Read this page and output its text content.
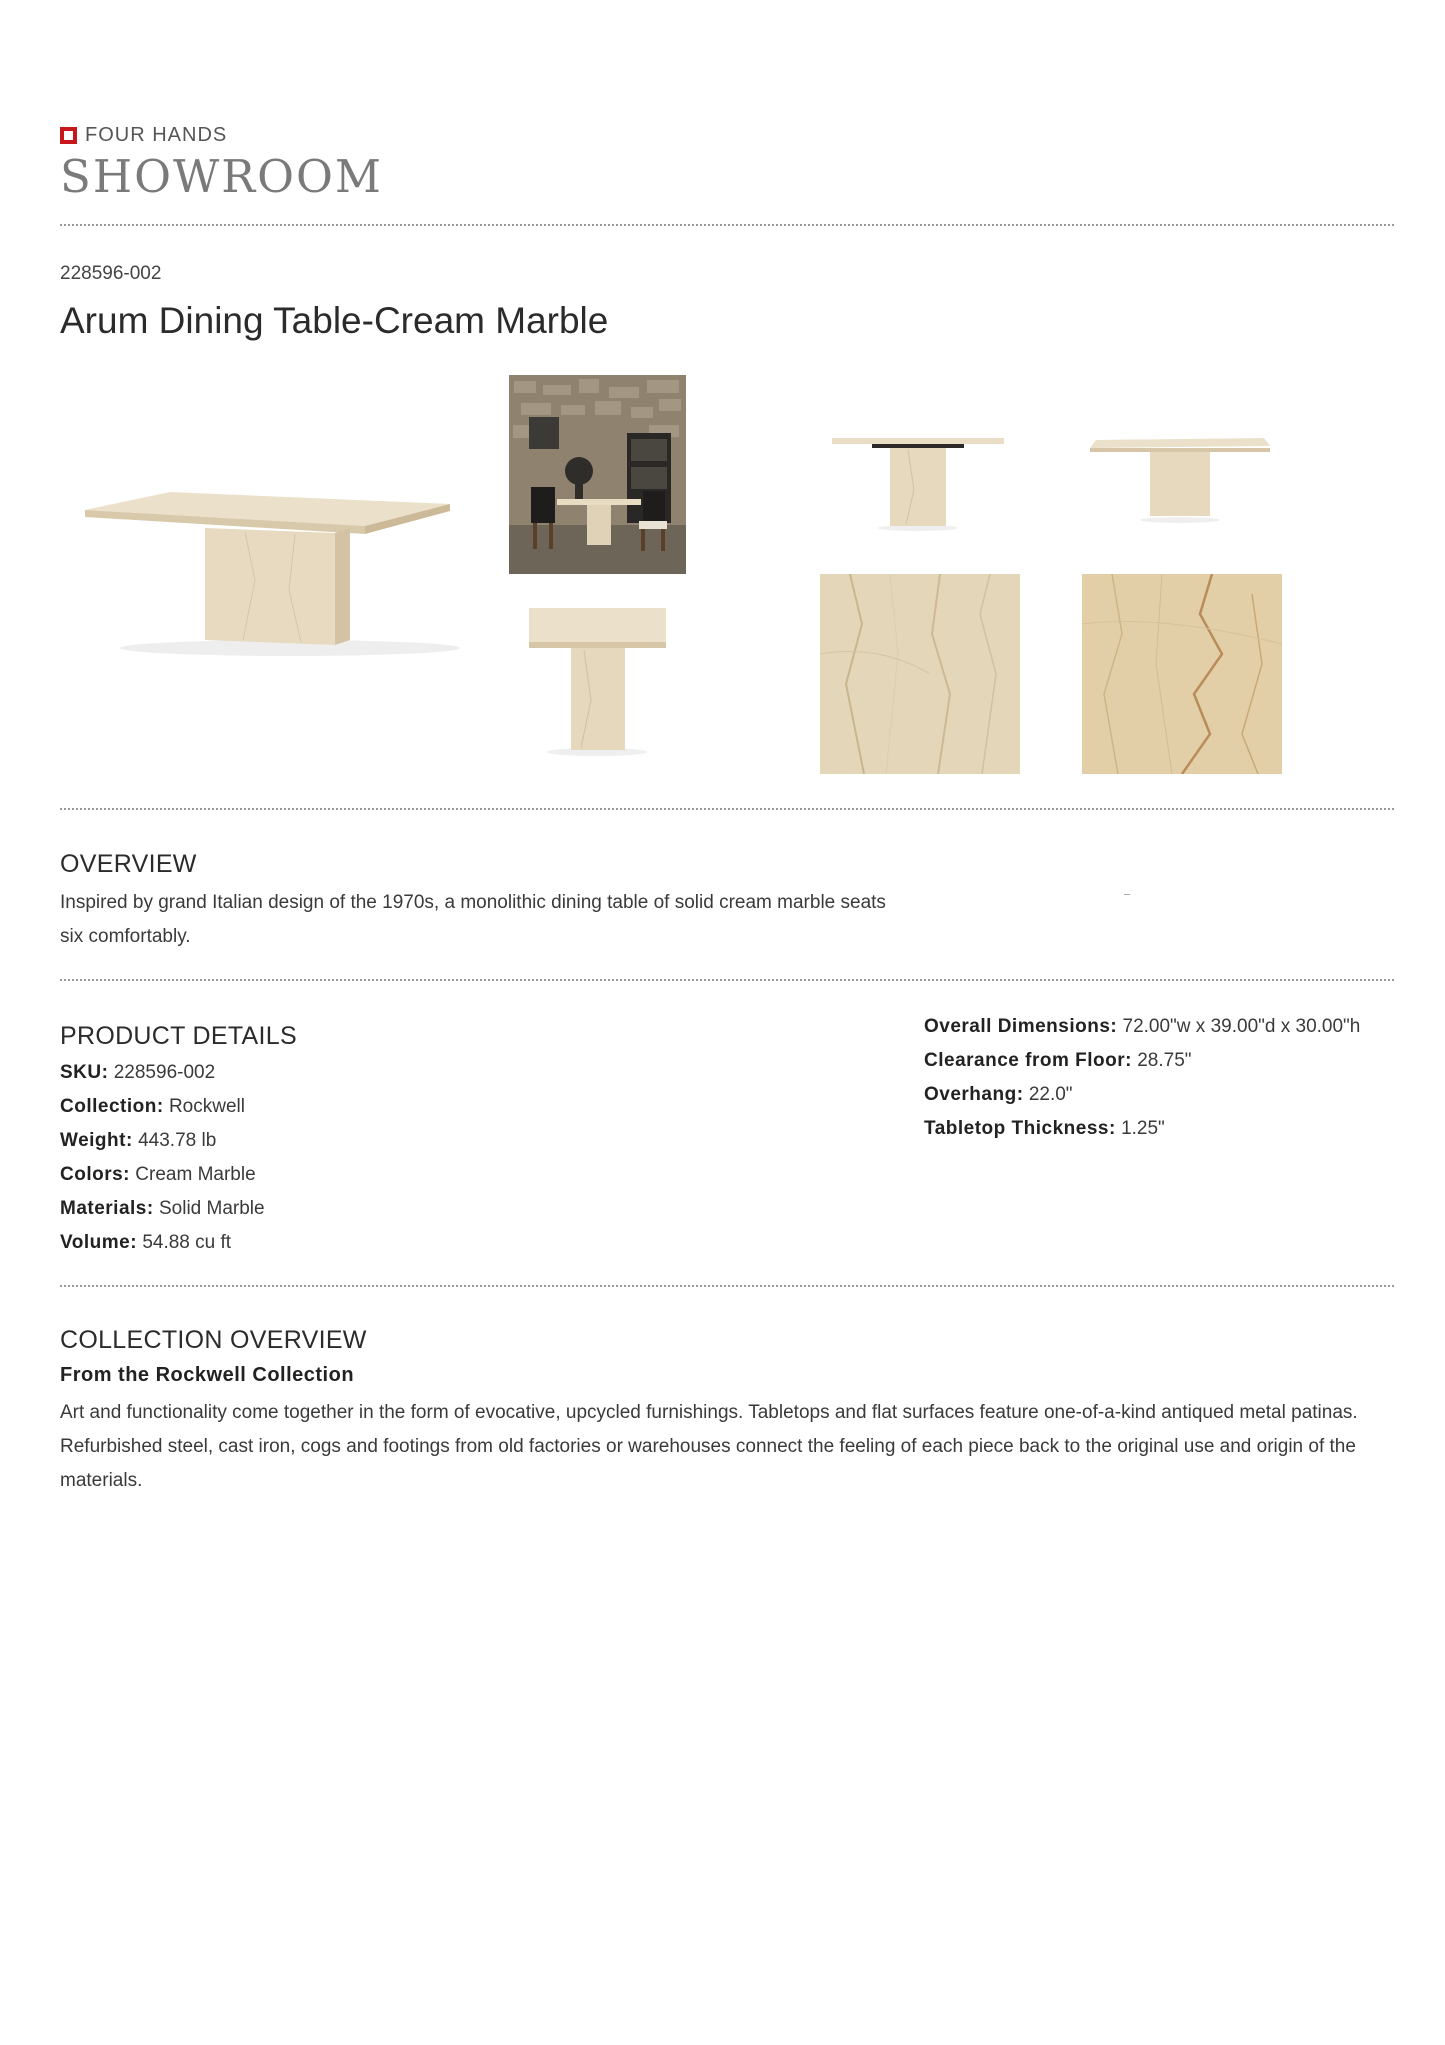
FOUR HANDS
SHOWROOM
228596-002
Arum Dining Table-Cream Marble
OVERVIEW
Inspired by grand Italian design of the 1970s, a monolithic dining table of solid cream marble seats six comfortably.
PRODUCT DETAILS
SKU: 228596-002
Collection: Rockwell
Weight: 443.78 lb
Colors: Cream Marble
Materials: Solid Marble
Volume: 54.88 cu ft
Overall Dimensions: 72.00"w x 39.00"d x 30.00"h
Clearance from Floor: 28.75"
Overhang: 22.0"
Tabletop Thickness: 1.25"
COLLECTION OVERVIEW
From the Rockwell Collection
Art and functionality come together in the form of evocative, upcycled furnishings. Tabletops and flat surfaces feature one-of-a-kind antiqued metal patinas. Refurbished steel, cast iron, cogs and footings from old factories or warehouses connect the feeling of each piece back to the original use and origin of the materials.
